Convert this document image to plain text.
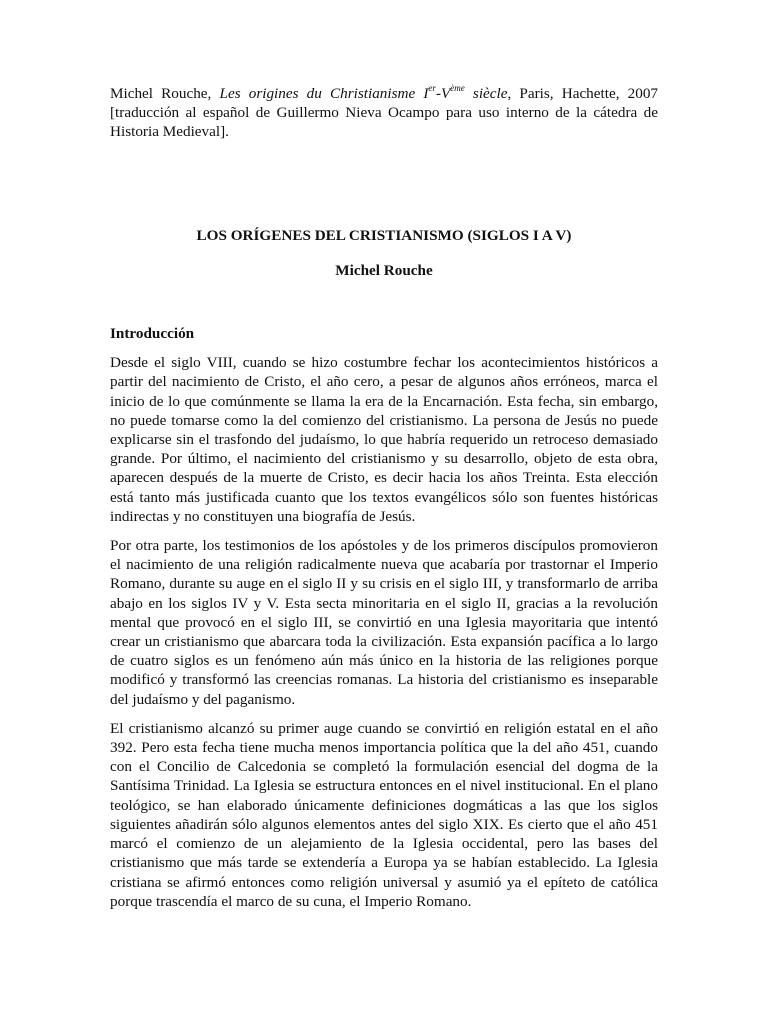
Michel Rouche, Les origines du Christianisme Ier-Vème siècle, Paris, Hachette, 2007 [traducción al español de Guillermo Nieva Ocampo para uso interno de la cátedra de Historia Medieval].

LOS ORÍGENES DEL CRISTIANISMO (SIGLOS I A V)

Michel Rouche

Introducción

Desde el siglo VIII, cuando se hizo costumbre fechar los acontecimientos históricos a partir del nacimiento de Cristo, el año cero, a pesar de algunos años erróneos, marca el inicio de lo que comúnmente se llama la era de la Encarnación. Esta fecha, sin embargo, no puede tomarse como la del comienzo del cristianismo. La persona de Jesús no puede explicarse sin el trasfondo del judaísmo, lo que habría requerido un retroceso demasiado grande. Por último, el nacimiento del cristianismo y su desarrollo, objeto de esta obra, aparecen después de la muerte de Cristo, es decir hacia los años Treinta. Esta elección está tanto más justificada cuanto que los textos evangélicos sólo son fuentes históricas indirectas y no constituyen una biografía de Jesús.

Por otra parte, los testimonios de los apóstoles y de los primeros discípulos promovieron el nacimiento de una religión radicalmente nueva que acabaría por trastornar el Imperio Romano, durante su auge en el siglo II y su crisis en el siglo III, y transformarlo de arriba abajo en los siglos IV y V. Esta secta minoritaria en el siglo II, gracias a la revolución mental que provocó en el siglo III, se convirtió en una Iglesia mayoritaria que intentó crear un cristianismo que abarcara toda la civilización. Esta expansión pacífica a lo largo de cuatro siglos es un fenómeno aún más único en la historia de las religiones porque modificó y transformó las creencias romanas. La historia del cristianismo es inseparable del judaísmo y del paganismo.

El cristianismo alcanzó su primer auge cuando se convirtió en religión estatal en el año 392. Pero esta fecha tiene mucha menos importancia política que la del año 451, cuando con el Concilio de Calcedonia se completó la formulación esencial del dogma de la Santísima Trinidad. La Iglesia se estructura entonces en el nivel institucional. En el plano teológico, se han elaborado únicamente definiciones dogmáticas a las que los siglos siguientes añadirán sólo algunos elementos antes del siglo XIX. Es cierto que el año 451 marcó el comienzo de un alejamiento de la Iglesia occidental, pero las bases del cristianismo que más tarde se extendería a Europa ya se habían establecido. La Iglesia cristiana se afirmó entonces como religión universal y asumió ya el epíteto de católica porque trascendía el marco de su cuna, el Imperio Romano.
